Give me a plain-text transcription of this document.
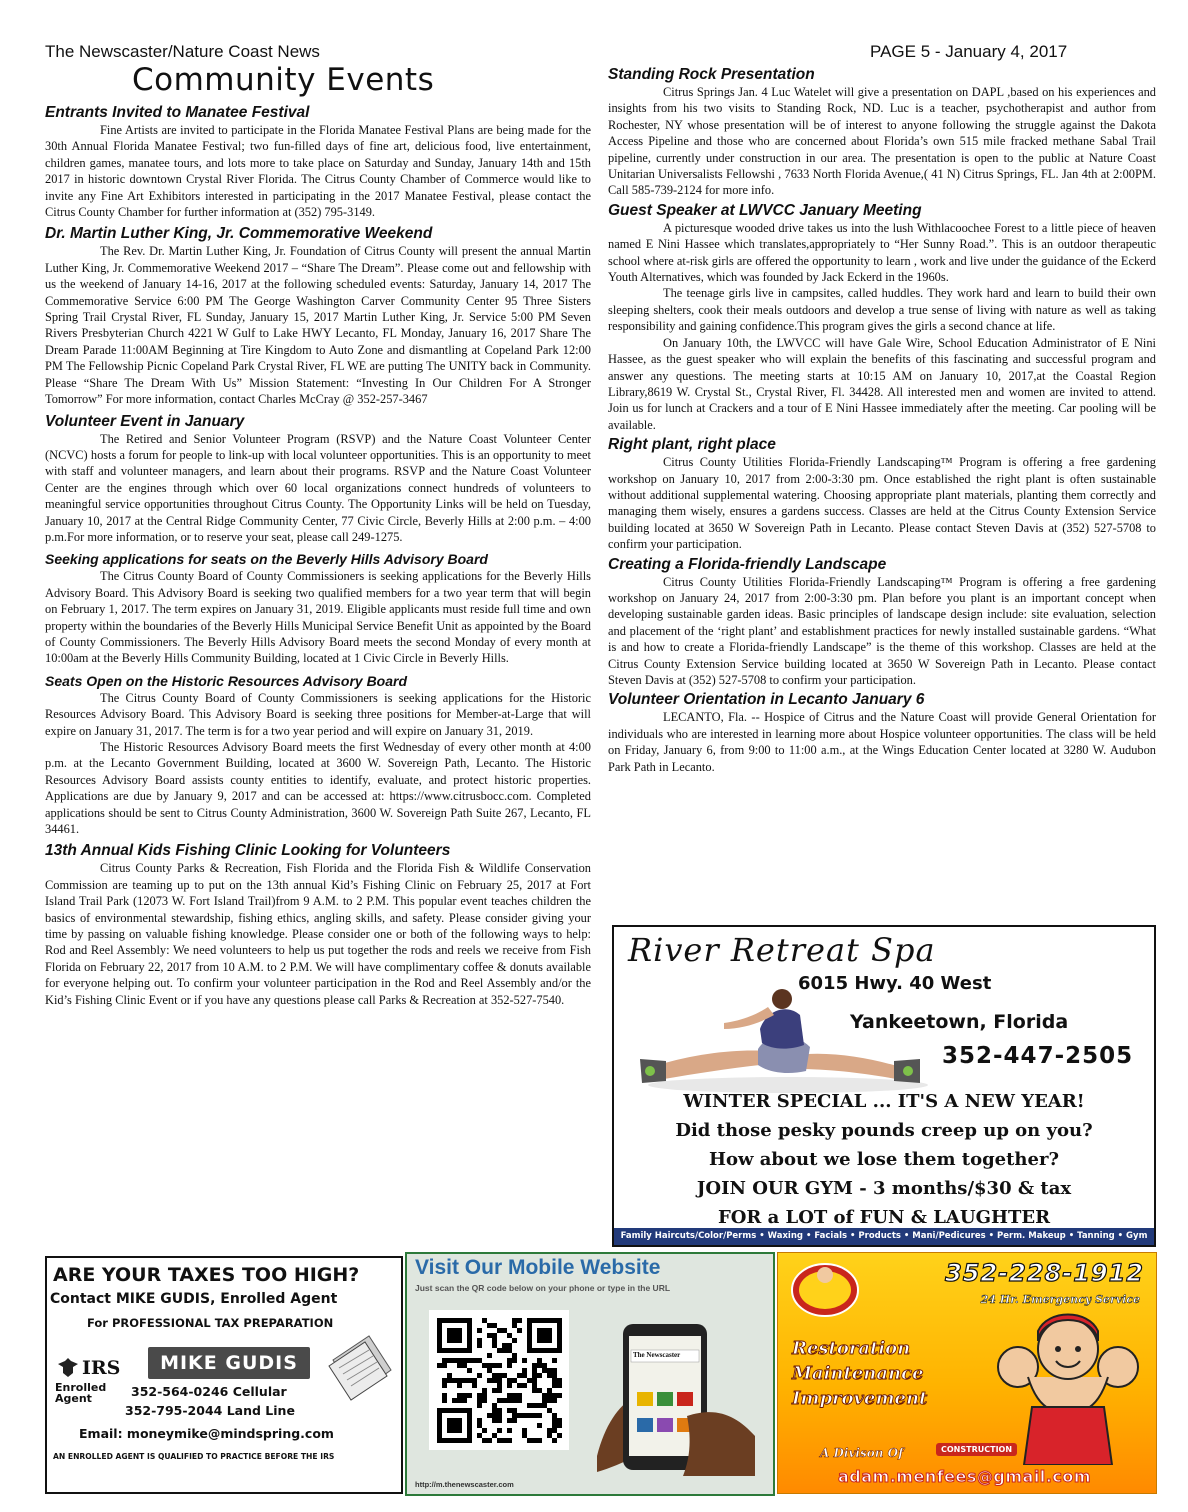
The Newscaster/Nature Coast News	PAGE 5 - January 4, 2017
Community Events
Entrants Invited to Manatee Festival

Fine Artists are invited to participate in the Florida Manatee Festival Plans are being made for the 30th Annual Florida Manatee Festival; two fun-filled days of fine art, delicious food, live entertainment, children games, manatee tours, and lots more to take place on Saturday and Sunday, January 14th and 15th 2017 in historic downtown Crystal River Florida. The Citrus County Chamber of Commerce would like to invite any Fine Art Exhibitors interested in participating in the 2017 Manatee Festival, please contact the Citrus County Chamber for further information at (352) 795-3149.

Dr. Martin Luther King, Jr. Commemorative Weekend

The Rev. Dr. Martin Luther King, Jr. Foundation of Citrus County will present the annual Martin Luther King, Jr. Commemorative Weekend 2017 – “Share The Dream”. Please come out and fellowship with us the weekend of January 14-16, 2017 at the following scheduled events: Saturday, January 14, 2017 The Commemorative Service 6:00 PM The George Washington Carver Community Center 95 Three Sisters Spring Trail Crystal River, FL Sunday, January 15, 2017 Martin Luther King, Jr. Service 5:00 PM Seven Rivers Presbyterian Church 4221 W Gulf to Lake HWY Lecanto, FL Monday, January 16, 2017 Share The Dream Parade 11:00AM Beginning at Tire Kingdom to Auto Zone and dismantling at Copeland Park 12:00 PM The Fellowship Picnic Copeland Park Crystal River, FL WE are putting The UNITY back in Community. Please “Share The Dream With Us” Mission Statement: “Investing In Our Children For A Stronger Tomorrow” For more information, contact Charles McCray @ 352-257-3467

Volunteer Event in January

The Retired and Senior Volunteer Program (RSVP) and the Nature Coast Volunteer Center (NCVC) hosts a forum for people to link-up with local volunteer opportunities. This is an opportunity to meet with staff and volunteer managers, and learn about their programs. RSVP and the Nature Coast Volunteer Center are the engines through which over 60 local organizations connect hundreds of volunteers to meaningful service opportunities throughout Citrus County. The Opportunity Links will be held on Tuesday, January 10, 2017 at the Central Ridge Community Center, 77 Civic Circle, Beverly Hills at 2:00 p.m. – 4:00 p.m.For more information, or to reserve your seat, please call 249-1275.

Seeking applications for seats on the Beverly Hills Advisory Board

The Citrus County Board of County Commissioners is seeking applications for the Beverly Hills Advisory Board. This Advisory Board is seeking two qualified members for a two year term that will begin on February 1, 2017. The term expires on January 31, 2019. Eligible applicants must reside full time and own property within the boundaries of the Beverly Hills Municipal Service Benefit Unit as appointed by the Board of County Commissioners. The Beverly Hills Advisory Board meets the second Monday of every month at 10:00am at the Beverly Hills Community Building, located at 1 Civic Circle in Beverly Hills.

Seats Open on the Historic Resources Advisory Board

The Citrus County Board of County Commissioners is seeking applications for the Historic Resources Advisory Board. This Advisory Board is seeking three positions for Member-at-Large that will expire on January 31, 2017. The term is for a two year period and will expire on January 31, 2019.

The Historic Resources Advisory Board meets the first Wednesday of every other month at 4:00 p.m. at the Lecanto Government Building, located at 3600 W. Sovereign Path, Lecanto. The Historic Resources Advisory Board assists county entities to identify, evaluate, and protect historic properties. Applications are due by January 9, 2017 and can be accessed at: https://www.citrusbocc.com. Completed applications should be sent to Citrus County Administration, 3600 W. Sovereign Path Suite 267, Lecanto, FL 34461.

13th Annual Kids Fishing Clinic Looking for Volunteers

Citrus County Parks & Recreation, Fish Florida and the Florida Fish & Wildlife Conservation Commission are teaming up to put on the 13th annual Kid’s Fishing Clinic on February 25, 2017 at Fort Island Trail Park (12073 W. Fort Island Trail)from 9 A.M. to 2 P.M. This popular event teaches children the basics of environmental stewardship, fishing ethics, angling skills, and safety. Please consider giving your time by passing on valuable fishing knowledge. Please consider one or both of the following ways to help: Rod and Reel Assembly: We need volunteers to help us put together the rods and reels we receive from Fish Florida on February 22, 2017 from 10 A.M. to 2 P.M. We will have complimentary coffee & donuts available for everyone helping out. To confirm your volunteer participation in the Rod and Reel Assembly and/or the Kid’s Fishing Clinic Event or if you have any questions please call Parks & Recreation at 352-527-7540.

Standing Rock Presentation

Citrus Springs Jan. 4 Luc Watelet will give a presentation on DAPL ,based on his experiences and insights from his two visits to Standing Rock, ND. Luc is a teacher, psychotherapist and author from Rochester, NY whose presentation will be of interest to anyone following the struggle against the Dakota Access Pipeline and those who are concerned about Florida’s own 515 mile fracked methane Sabal Trail pipeline, currently under construction in our area. The presentation is open to the public at Nature Coast Unitarian Universalists Fellowshi , 7633 North Florida Avenue,( 41 N) Citrus Springs, FL. Jan 4th at 2:00PM. Call 585-739-2124 for more info.

Guest Speaker at LWVCC January Meeting

A picturesque wooded drive takes us into the lush Withlacoochee Forest to a little piece of heaven named E Nini Hassee which translates,appropriately to “Her Sunny Road.”. This is an outdoor therapeutic school where at-risk girls are offered the opportunity to learn , work and live under the guidance of the Eckerd Youth Alternatives, which was founded by Jack Eckerd in the 1960s.

The teenage girls live in campsites, called huddles. They work hard and learn to build their own sleeping shelters, cook their meals outdoors and develop a true sense of living with nature as well as taking responsibility and gaining confidence.This program gives the girls a second chance at life.

On January 10th, the LWVCC will have Gale Wire, School Education Administrator of E Nini Hassee, as the guest speaker who will explain the benefits of this fascinating and successful program and answer any questions. The meeting starts at 10:15 AM on January 10, 2017,at the Coastal Region Library,8619 W. Crystal St., Crystal River, Fl. 34428. All interested men and women are invited to attend. Join us for lunch at Crackers and a tour of E Nini Hassee immediately after the meeting. Car pooling will be available.

Right plant, right place

Citrus County Utilities Florida-Friendly Landscaping™ Program is offering a free gardening workshop on January 10, 2017 from 2:00-3:30 pm. Once established the right plant is often sustainable without additional supplemental watering. Choosing appropriate plant materials, planting them correctly and managing them wisely, ensures a gardens success. Classes are held at the Citrus County Extension Service building located at 3650 W Sovereign Path in Lecanto. Please contact Steven Davis at (352) 527-5708 to confirm your participation.

Creating a Florida-friendly Landscape

Citrus County Utilities Florida-Friendly Landscaping™ Program is offering a free gardening workshop on January 24, 2017 from 2:00-3:30 pm. Plan before you plant is an important concept when developing sustainable garden ideas. Basic principles of landscape design include: site evaluation, selection and placement of the ‘right plant’ and establishment practices for newly installed sustainable gardens. “What is and how to create a Florida-friendly Landscape” is the theme of this workshop. Classes are held at the Citrus County Extension Service building located at 3650 W Sovereign Path in Lecanto. Please contact Steven Davis at (352) 527-5708 to confirm your participation.

Volunteer Orientation in Lecanto January 6

LECANTO, Fla. -- Hospice of Citrus and the Nature Coast will provide General Orientation for individuals who are interested in learning more about Hospice volunteer opportunities. The class will be held on Friday, January 6, from 9:00 to 11:00 a.m., at the Wings Education Center located at 3280 W. Audubon Park Path in Lecanto.

River Retreat Spa
6015 Hwy. 40 West
Yankeetown, Florida
352-447-2505
WINTER SPECIAL ... IT'S A NEW YEAR!
Did those pesky pounds creep up on you?
How about we lose them together?
JOIN OUR GYM - 3 months/$30 & tax
FOR a LOT of FUN & LAUGHTER
Family Haircuts/Color/Perms • Waxing • Facials • Products • Mani/Pedicures • Perm. Makeup • Tanning • Gym
ARE YOUR TAXES TOO HIGH?
Contact MIKE GUDIS, Enrolled Agent
For PROFESSIONAL TAX PREPARATION
IRS	MIKE GUDIS
Enrolled
Agent	352-564-0246 Cellular
352-795-2044 Land Line
Email: moneymike@mindspring.com
AN ENROLLED AGENT IS QUALIFIED TO PRACTICE BEFORE THE IRS
Visit Our Mobile Website
Just scan the QR code below on your phone or type in the URL
The Newscaster
http://m.thenewscaster.com
352-228-1912
24 Hr. Emergency Service
Restoration
Maintenance
Improvement
A Divison Of	CONSTRUCTION
adam.menfees@gmail.com
